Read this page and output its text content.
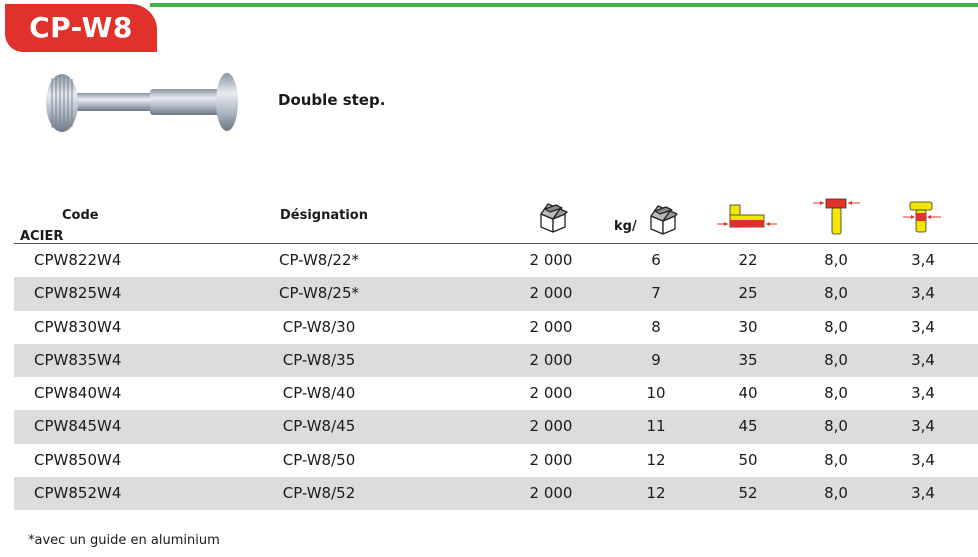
CP-W8
Double step.
Code
ACIER
Désignation
kg/
CPW822W4	CP-W8/22*	2 000	6	22	8,0	3,4
CPW825W4	CP-W8/25*	2 000	7	25	8,0	3,4
CPW830W4	CP-W8/30	2 000	8	30	8,0	3,4
CPW835W4	CP-W8/35	2 000	9	35	8,0	3,4
CPW840W4	CP-W8/40	2 000	10	40	8,0	3,4
CPW845W4	CP-W8/45	2 000	11	45	8,0	3,4
CPW850W4	CP-W8/50	2 000	12	50	8,0	3,4
CPW852W4	CP-W8/52	2 000	12	52	8,0	3,4
*avec un guide en aluminium
